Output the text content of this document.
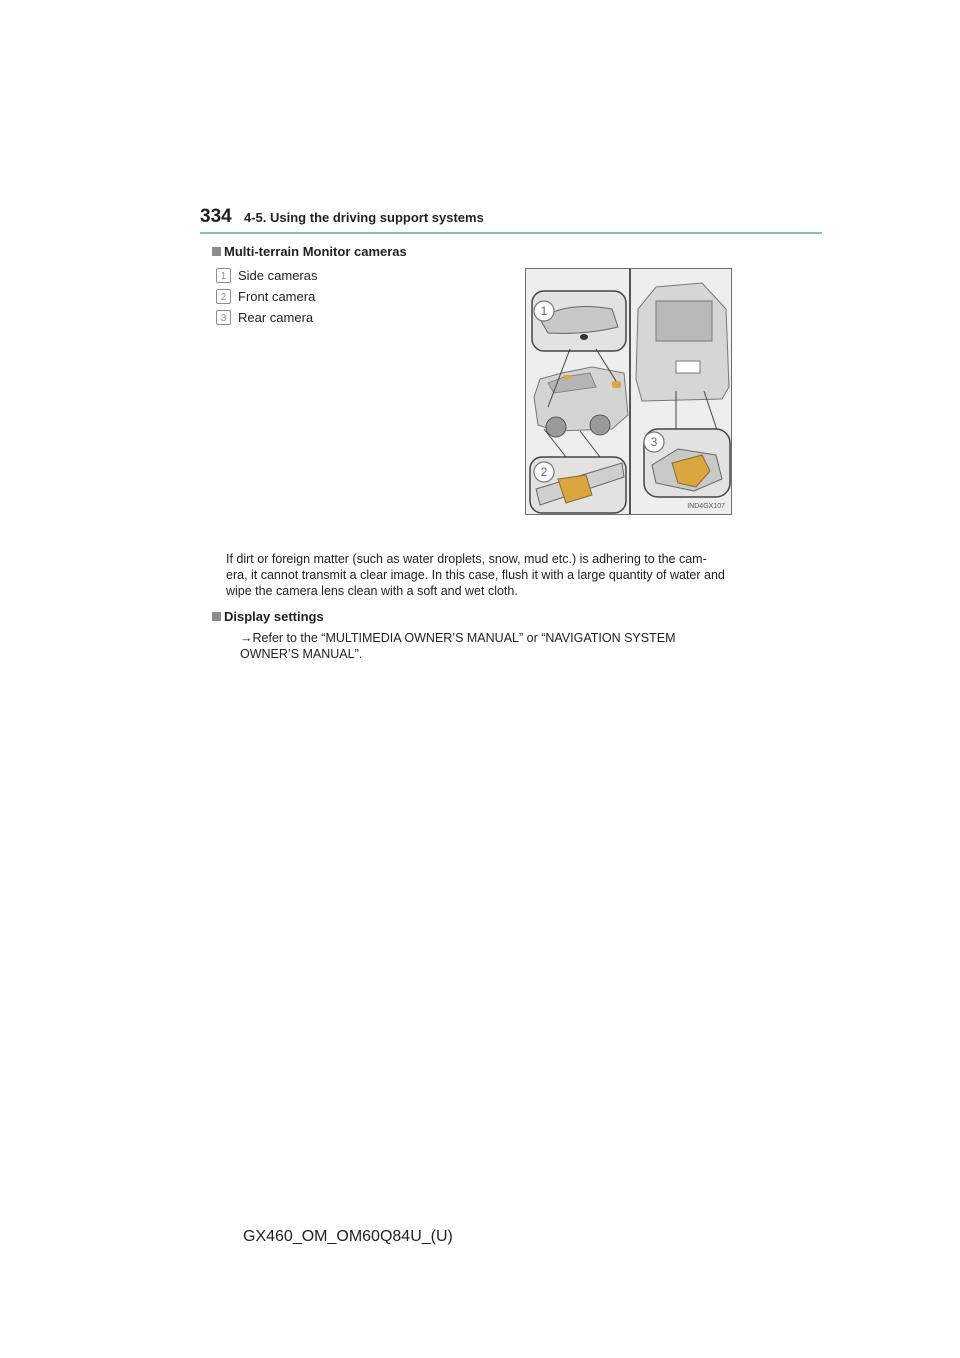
334 4-5. Using the driving support systems
Multi-terrain Monitor cameras
1 Side cameras
2 Front camera
3 Rear camera	1
2
3
IND4GX107

If dirt or foreign matter (such as water droplets, snow, mud etc.) is adhering to the cam-
era, it cannot transmit a clear image. In this case, flush it with a large quantity of water and
wipe the camera lens clean with a soft and wet cloth.

Display settings

→Refer to the “MULTIMEDIA OWNER’S MANUAL” or “NAVIGATION SYSTEM
OWNER’S MANUAL”.

GX460_OM_OM60Q84U_(U)
